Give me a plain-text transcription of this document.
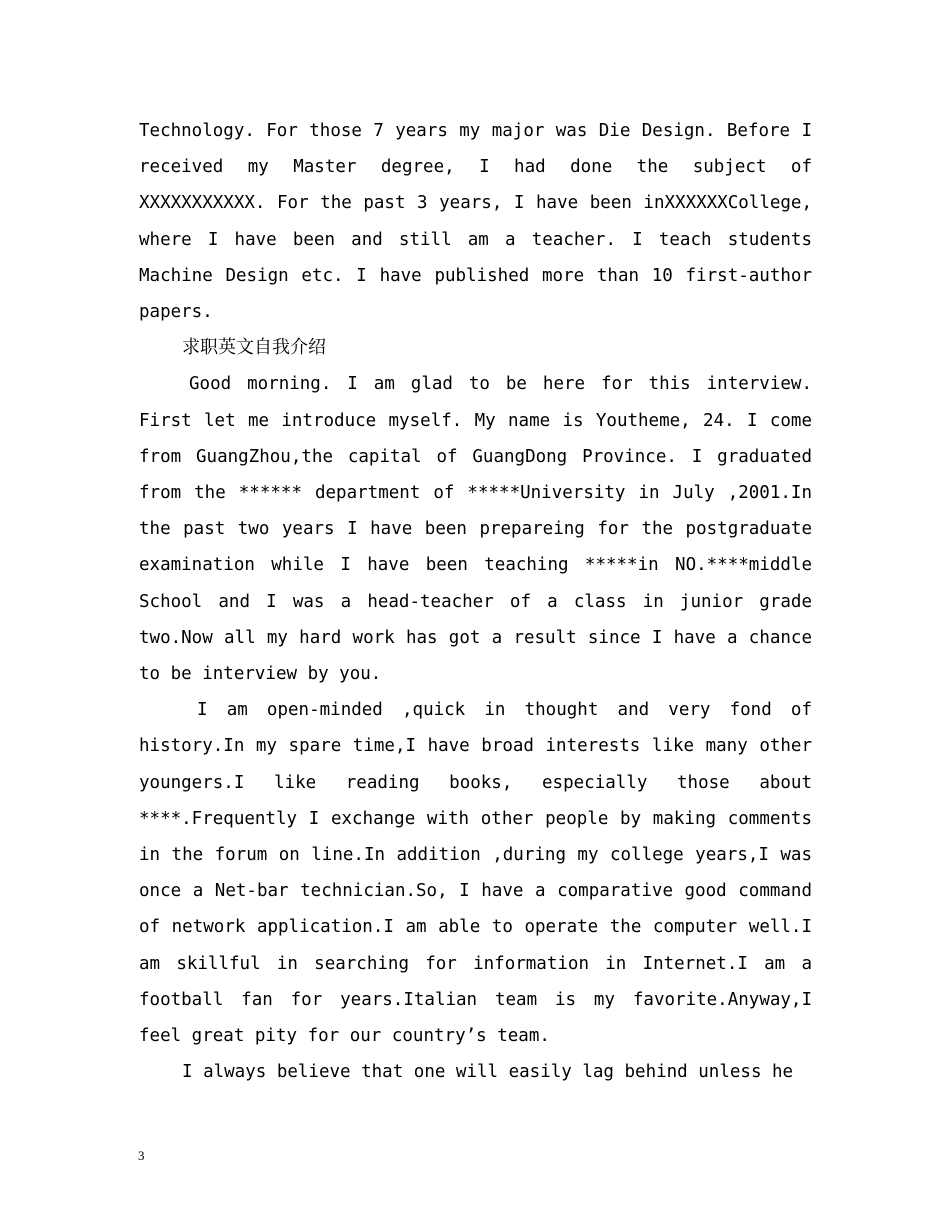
Technology. For those 7 years my major was Die Design. Before I received my Master degree, I had done the subject of XXXXXXXXXXX. For the past 3 years, I have been inXXXXXXCollege, where I have been and still am a teacher. I teach students Machine Design etc. I have published more than 10 first-author papers.

求职英文自我介绍

Good morning. I am glad to be here for this interview. First let me introduce myself. My name is Youtheme, 24. I come from GuangZhou,the capital of GuangDong Province. I graduated from the ****** department of *****University in July ,2001.In the past two years I have been prepareing for the postgraduate examination while I have been teaching *****in NO.****middle School and I was a head-teacher of a class in junior grade two.Now all my hard work has got a result since I have a chance to be interview by you.

I am open-minded ,quick in thought and very fond of history.In my spare time,I have broad interests like many other youngers.I like reading books, especially those about ****.Frequently I exchange with other people by making comments in the forum on line.In addition ,during my college years,I was once a Net-bar technician.So, I have a comparative good command of network application.I am able to operate the computer well.I am skillful in searching for information in Internet.I am a football fan for years.Italian team is my favorite.Anyway,I feel great pity for our country’s team.

I always believe that one will easily lag behind unless he

3
